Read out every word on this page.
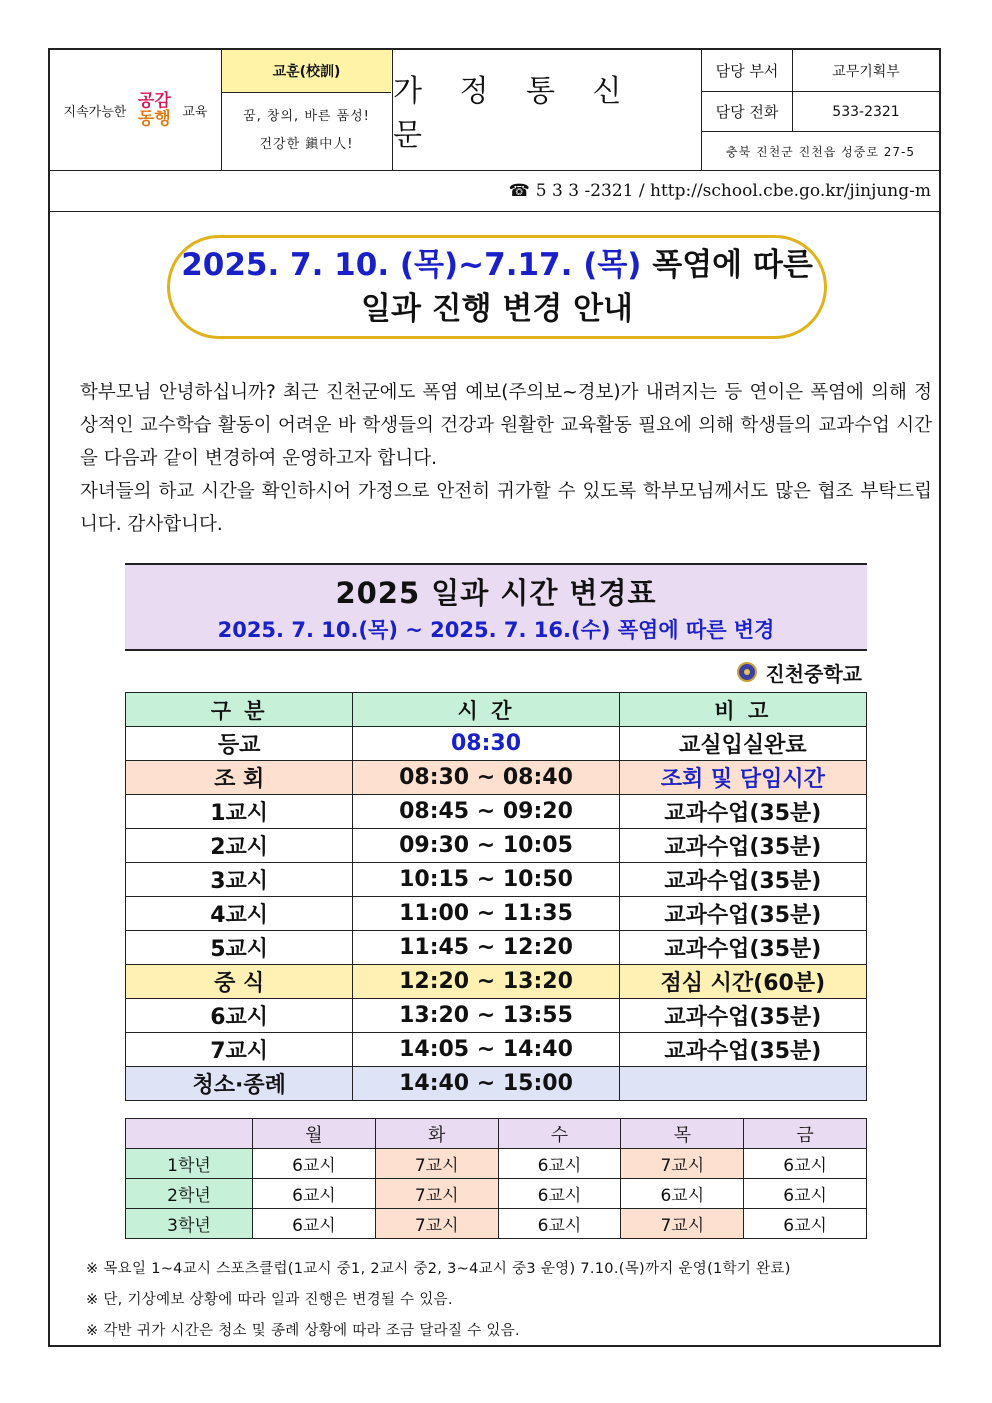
지속가능한
공감
동행 교육
교훈(校訓)
꿈, 창의, 바른 품성!
건강한 鎭中人!
가 정 통 신 문
담당 부서	교무기획부
담당 전화	533-2321
충북 진천군 진천읍 성중로 27-5
☎ 5 3 3 -2321 / http://school.cbe.go.kr/jinjung-m
2025. 7. 10. (목)~7.17. (목) 폭염에 따른
일과 진행 변경 안내

학부모님 안녕하십니까? 최근 진천군에도 폭염 예보(주의보~경보)가 내려지는 등 연이은 폭염에 의해 정상적인 교수학습 활동이 어려운 바 학생들의 건강과 원활한 교육활동 필요에 의해 학생들의 교과수업 시간을 다음과 같이 변경하여 운영하고자 합니다.

자녀들의 하교 시간을 확인하시어 가정으로 안전히 귀가할 수 있도록 학부모님께서도 많은 협조 부탁드립니다. 감사합니다.

2025 일과 시간 변경표
2025. 7. 10.(목) ~ 2025. 7. 16.(수) 폭염에 따른 변경
진천중학교
구 분	시 간	비 고
등교	08:30	교실입실완료
조 회	08:30 ~ 08:40	조회 및 담임시간
1교시	08:45 ~ 09:20	교과수업(35분)
2교시	09:30 ~ 10:05	교과수업(35분)
3교시	10:15 ~ 10:50	교과수업(35분)
4교시	11:00 ~ 11:35	교과수업(35분)
5교시	11:45 ~ 12:20	교과수업(35분)
중 식	12:20 ~ 13:20	점심 시간(60분)
6교시	13:20 ~ 13:55	교과수업(35분)
7교시	14:05 ~ 14:40	교과수업(35분)
청소·종례	14:40 ~ 15:00	
	월	화	수	목	금
1학년	6교시	7교시	6교시	7교시	6교시
2학년	6교시	7교시	6교시	6교시	6교시
3학년	6교시	7교시	6교시	7교시	6교시
※ 목요일 1~4교시 스포츠클럽(1교시 중1, 2교시 중2, 3~4교시 중3 운영) 7.10.(목)까지 운영(1학기 완료)
※ 단, 기상예보 상황에 따라 일과 진행은 변경될 수 있음.
※ 각반 귀가 시간은 청소 및 종례 상황에 따라 조금 달라질 수 있음.
